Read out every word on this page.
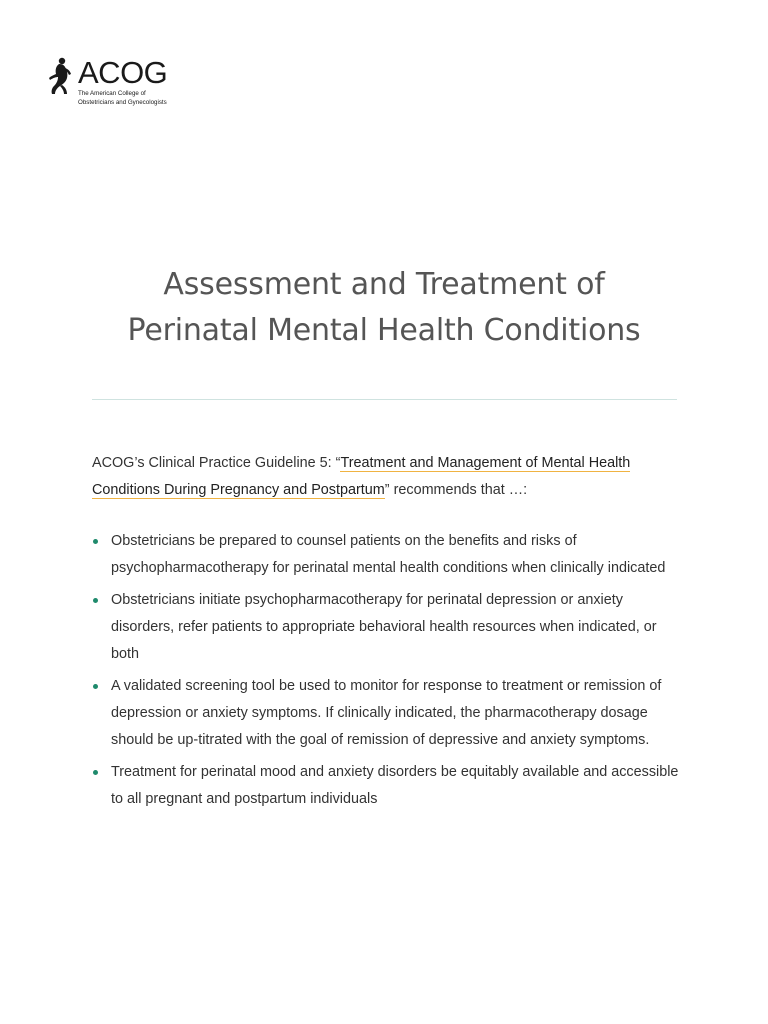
ACOG
The American College of
Obstetricians and Gynecologists
Assessment and Treatment of
Perinatal Mental Health Conditions

ACOG’s Clinical Practice Guideline 5: “Treatment and Management of Mental Health Conditions During Pregnancy and Postpartum” recommends that …:

Obstetricians be prepared to counsel patients on the benefits and risks of psychopharmacotherapy for perinatal mental health conditions when clinically indicated
Obstetricians initiate psychopharmacotherapy for perinatal depression or anxiety disorders, refer patients to appropriate behavioral health resources when indicated, or both
A validated screening tool be used to monitor for response to treatment or remission of depression or anxiety symptoms. If clinically indicated, the pharmacotherapy dosage should be up-titrated with the goal of remission of depressive and anxiety symptoms.
Treatment for perinatal mood and anxiety disorders be equitably available and accessible to all pregnant and postpartum individuals
